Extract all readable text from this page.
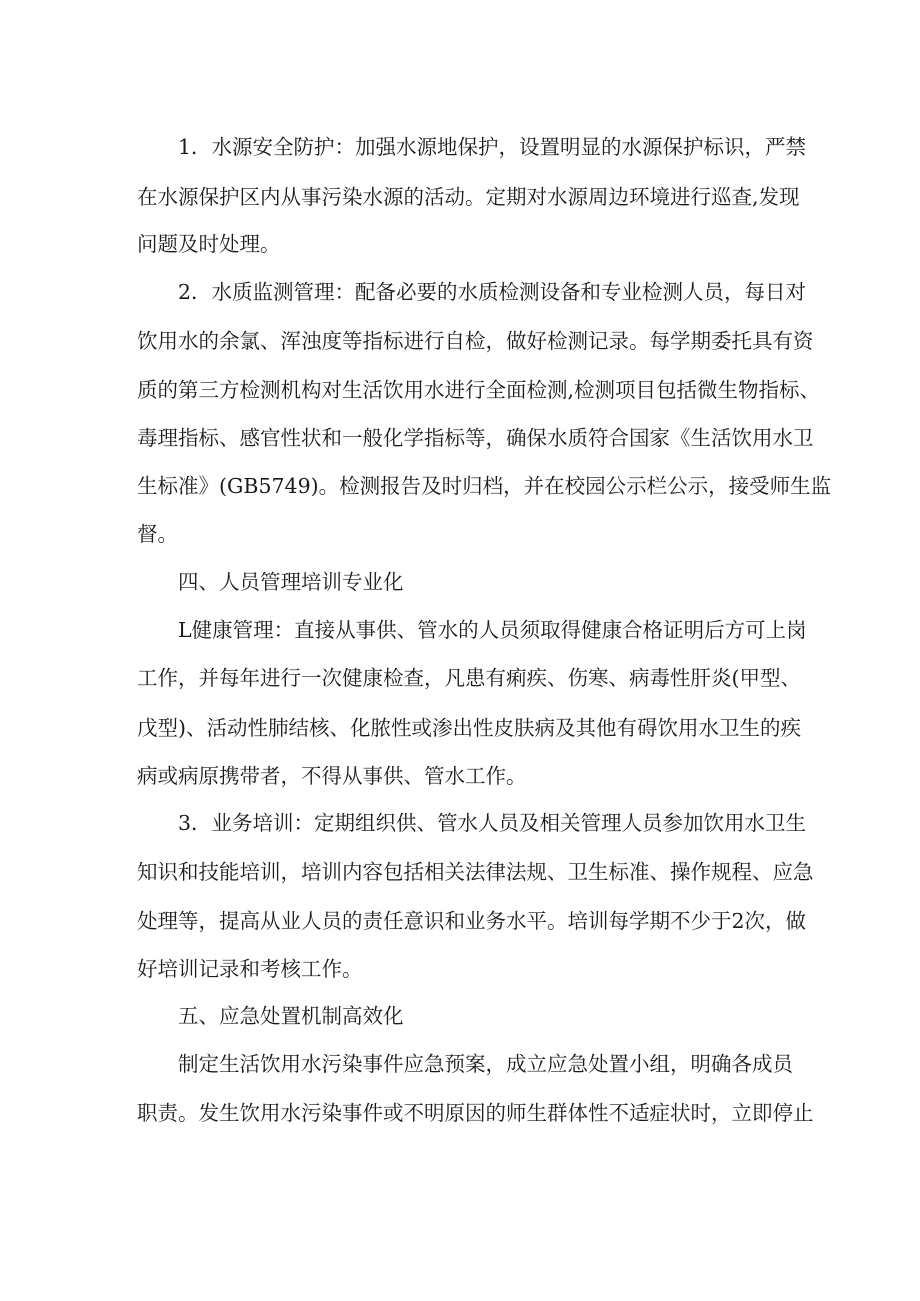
1．水源安全防护：加强水源地保护，设置明显的水源保护标识，严禁
在水源保护区内从事污染水源的活动。定期对水源周边环境进行巡查,发现
问题及时处理。
2．水质监测管理：配备必要的水质检测设备和专业检测人员，每日对
饮用水的余氯、浑浊度等指标进行自检，做好检测记录。每学期委托具有资
质的第三方检测机构对生活饮用水进行全面检测,检测项目包括微生物指标、
毒理指标、感官性状和一般化学指标等，确保水质符合国家《生活饮用水卫
生标准》(GB5749)。检测报告及时归档，并在校园公示栏公示，接受师生监
督。
四、人员管理培训专业化
L健康管理：直接从事供、管水的人员须取得健康合格证明后方可上岗
工作，并每年进行一次健康检查，凡患有痢疾、伤寒、病毒性肝炎(甲型、
戊型)、活动性肺结核、化脓性或渗出性皮肤病及其他有碍饮用水卫生的疾
病或病原携带者，不得从事供、管水工作。
3．业务培训：定期组织供、管水人员及相关管理人员参加饮用水卫生
知识和技能培训，培训内容包括相关法律法规、卫生标准、操作规程、应急
处理等，提高从业人员的责任意识和业务水平。培训每学期不少于2次，做
好培训记录和考核工作。
五、应急处置机制高效化
制定生活饮用水污染事件应急预案，成立应急处置小组，明确各成员
职责。发生饮用水污染事件或不明原因的师生群体性不适症状时，立即停止
